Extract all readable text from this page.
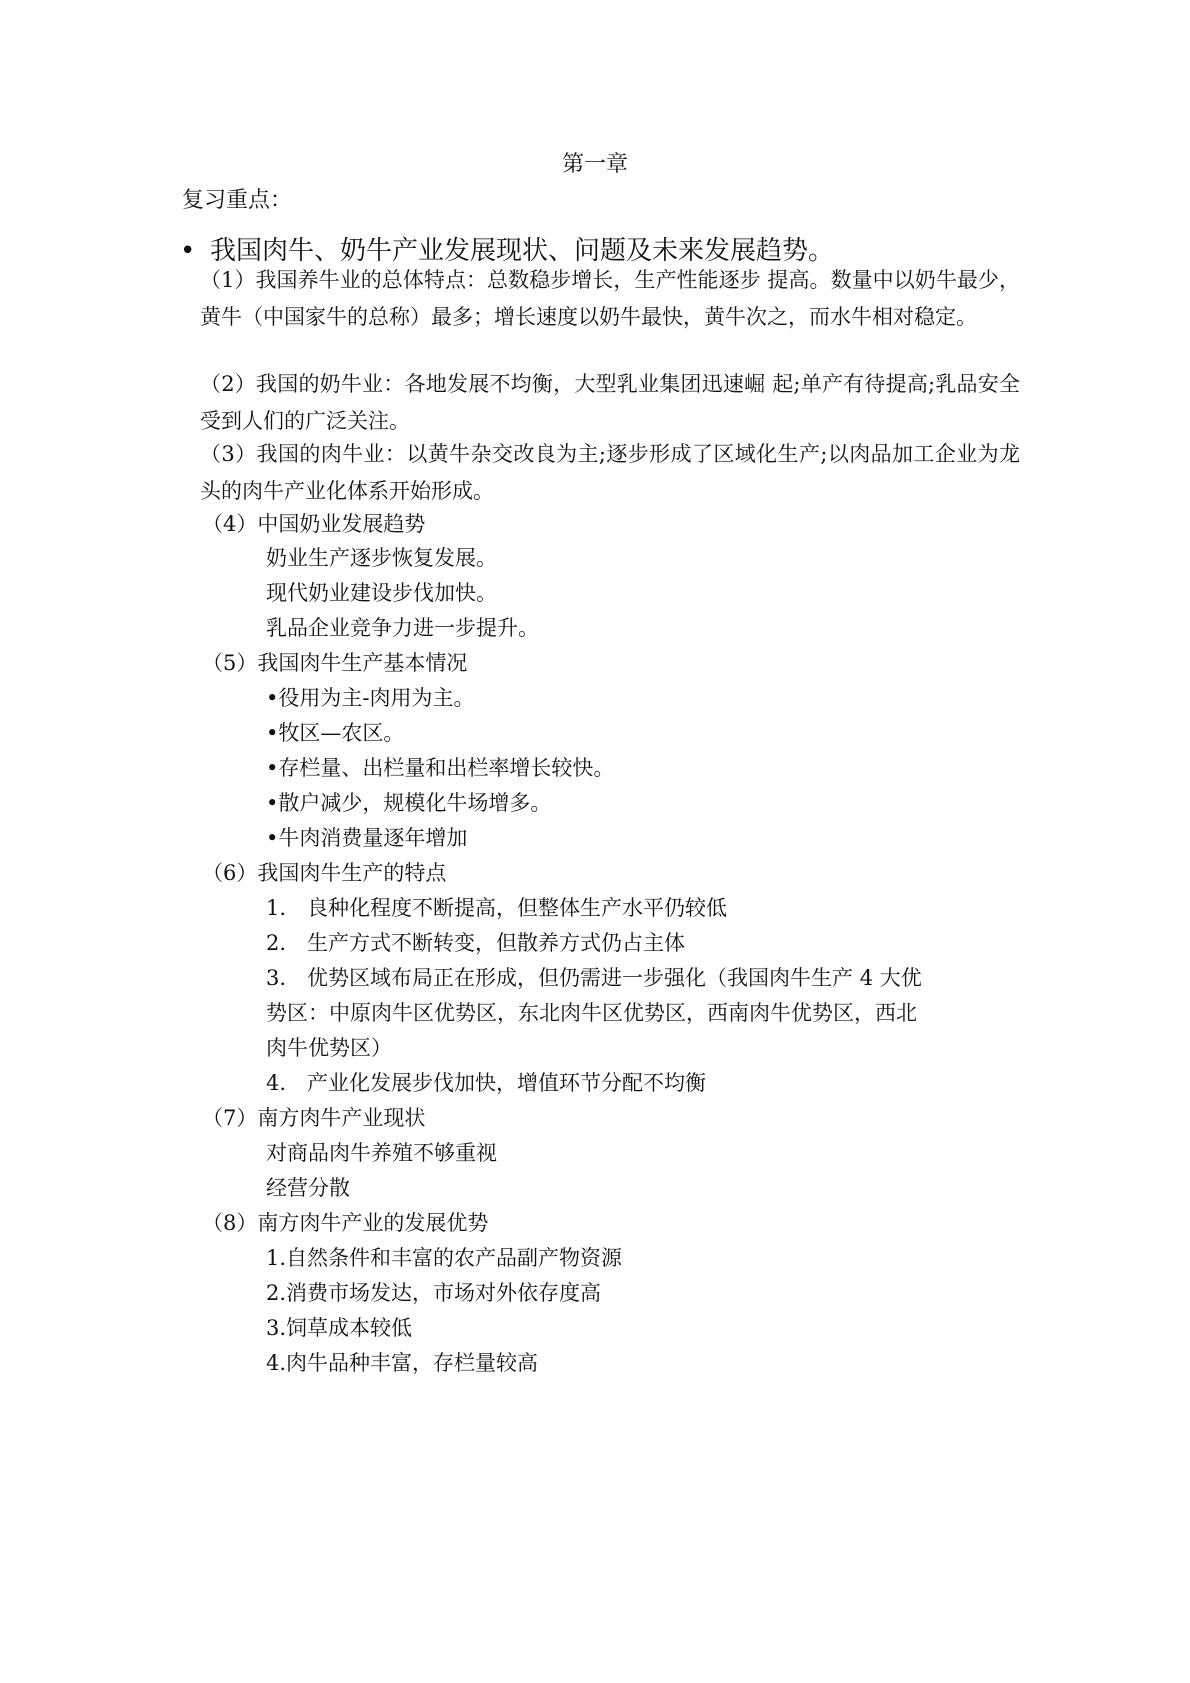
第一章
复习重点：
• 我国肉牛、奶牛产业发展现状、问题及未来发展趋势。
（1）我国养牛业的总体特点：总数稳步增长，生产性能逐步 提高。数量中以奶牛最少，黄牛（中国家牛的总称）最多；增长速度以奶牛最快，黄牛次之，而水牛相对稳定。
（2）我国的奶牛业：各地发展不均衡，大型乳业集团迅速崛 起;单产有待提高;乳品安全受到人们的广泛关注。
（3）我国的肉牛业：以黄牛杂交改良为主;逐步形成了区域化生产;以肉品加工企业为龙头的肉牛产业化体系开始形成。
（4）中国奶业发展趋势
奶业生产逐步恢复发展。
现代奶业建设步伐加快。
乳品企业竞争力进一步提升。
（5）我国肉牛生产基本情况
•役用为主-肉用为主。
•牧区—农区。
•存栏量、出栏量和出栏率增长较快。
•散户减少，规模化牛场增多。
•牛肉消费量逐年增加
（6）我国肉牛生产的特点
1.　良种化程度不断提高，但整体生产水平仍较低
2.　生产方式不断转变，但散养方式仍占主体
3.　优势区域布局正在形成，但仍需进一步强化（我国肉牛生产 4 大优
势区：中原肉牛区优势区，东北肉牛区优势区，西南肉牛优势区，西北
肉牛优势区）
4.　产业化发展步伐加快，增值环节分配不均衡
（7）南方肉牛产业现状
对商品肉牛养殖不够重视
经营分散
（8）南方肉牛产业的发展优势
1.自然条件和丰富的农产品副产物资源
2.消费市场发达，市场对外依存度高
3.饲草成本较低
4.肉牛品种丰富，存栏量较高
